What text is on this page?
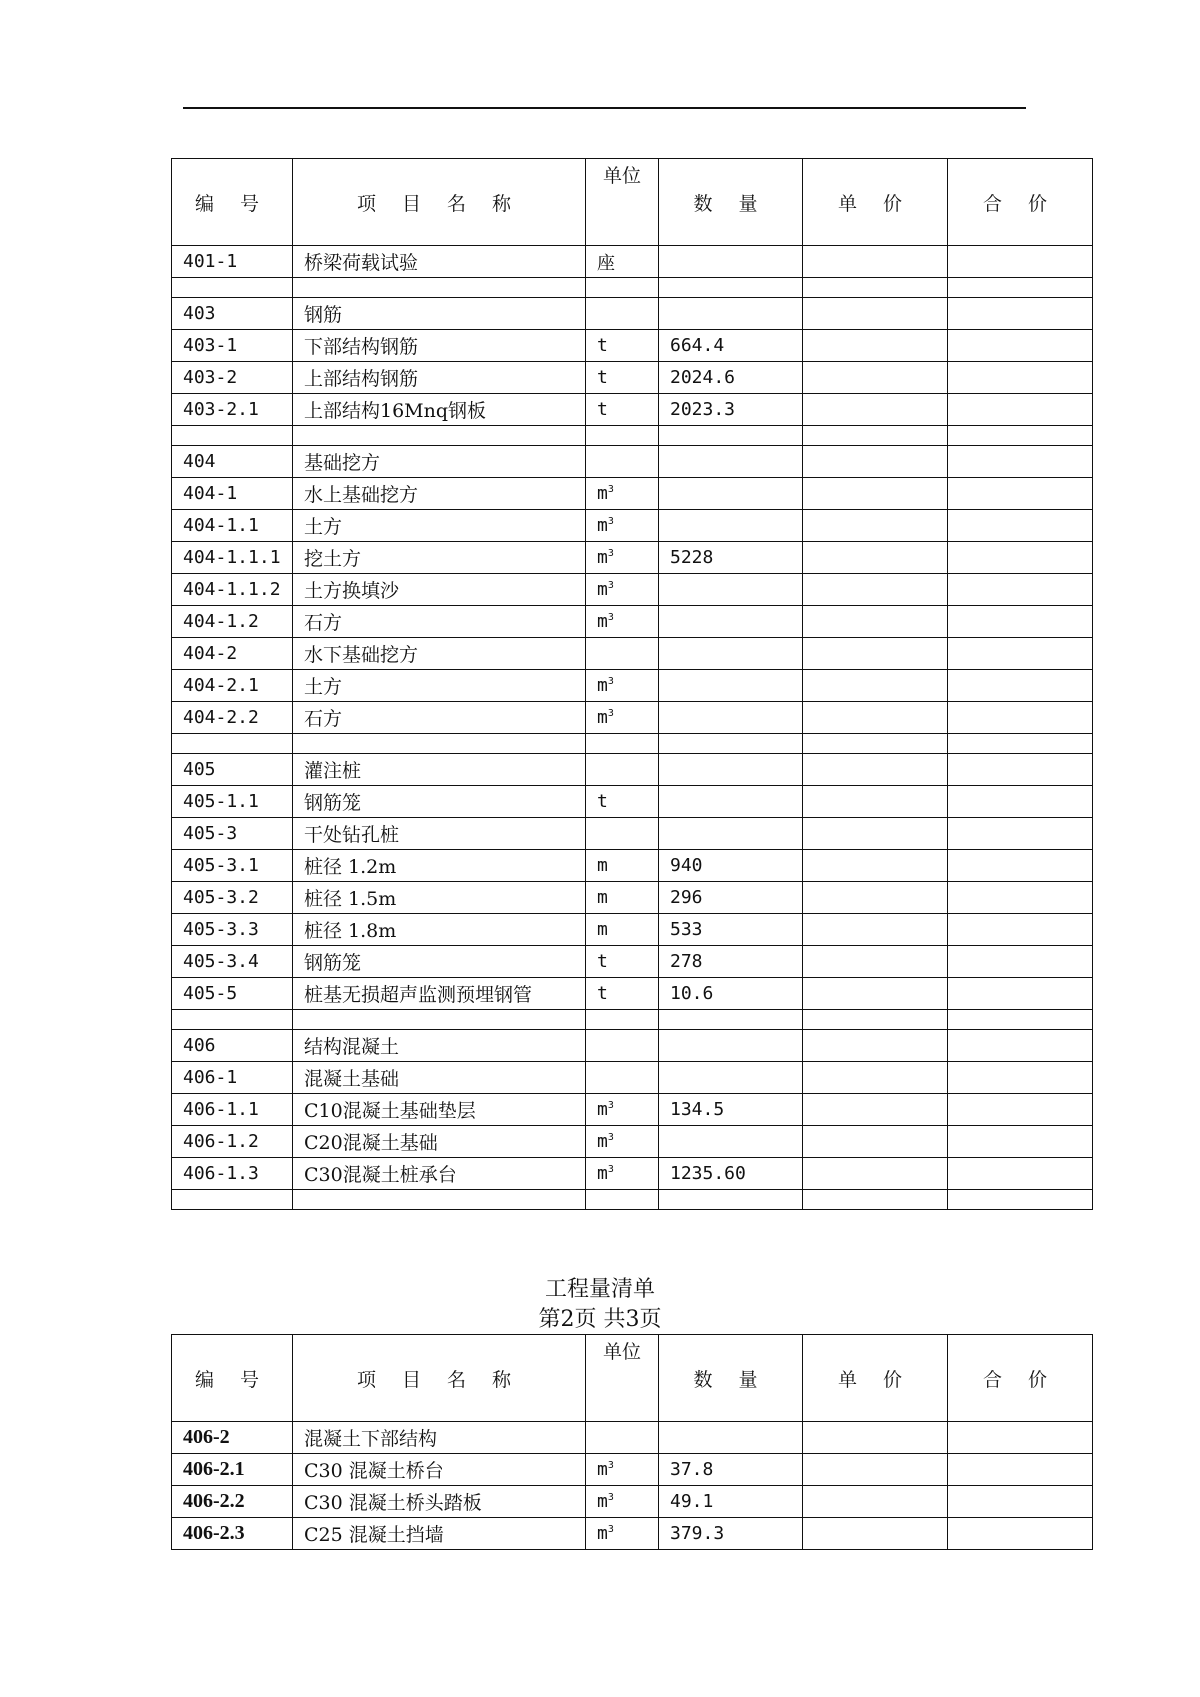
编 号	项 目 名 称	单位	数 量	单 价	合 价
401-1	桥梁荷载试验	座			

403	钢筋				
403-1	下部结构钢筋	t	664.4		
403-2	上部结构钢筋	t	2024.6		
403-2.1	上部结构16Mnq钢板	t	2023.3		

404	基础挖方				
404-1	水上基础挖方	$m^3$			
404-1.1	土方	$m^3$			
404-1.1.1	挖土方	$m^3$	5228		
404-1.1.2	土方换填沙	$m^3$			
404-1.2	石方	$m^3$			
404-2	水下基础挖方				
404-2.1	土方	$m^3$			
404-2.2	石方	$m^3$			

405	灌注桩				
405-1.1	钢筋笼	t			
405-3	干处钻孔桩				
405-3.1	桩径 1.2m	m	940		
405-3.2	桩径 1.5m	m	296		
405-3.3	桩径 1.8m	m	533		
405-3.4	钢筋笼	t	278		
405-5	桩基无损超声监测预埋钢管	t	10.6		

406	结构混凝土				
406-1	混凝土基础				
406-1.1	C10混凝土基础垫层	$m^3$	134.5		
406-1.2	C20混凝土基础	$m^3$			
406-1.3	C30混凝土桩承台	$m^3$	1235.60		

工程量清单
第2页 共3页
编 号	项 目 名 称	单位	数 量	单 价	合 价
406-2	混凝土下部结构				
406-2.1	C30 混凝土桥台	$m^3$	37.8		
406-2.2	C30 混凝土桥头踏板	$m^3$	49.1		
406-2.3	C25 混凝土挡墙	$m^3$	379.3		
